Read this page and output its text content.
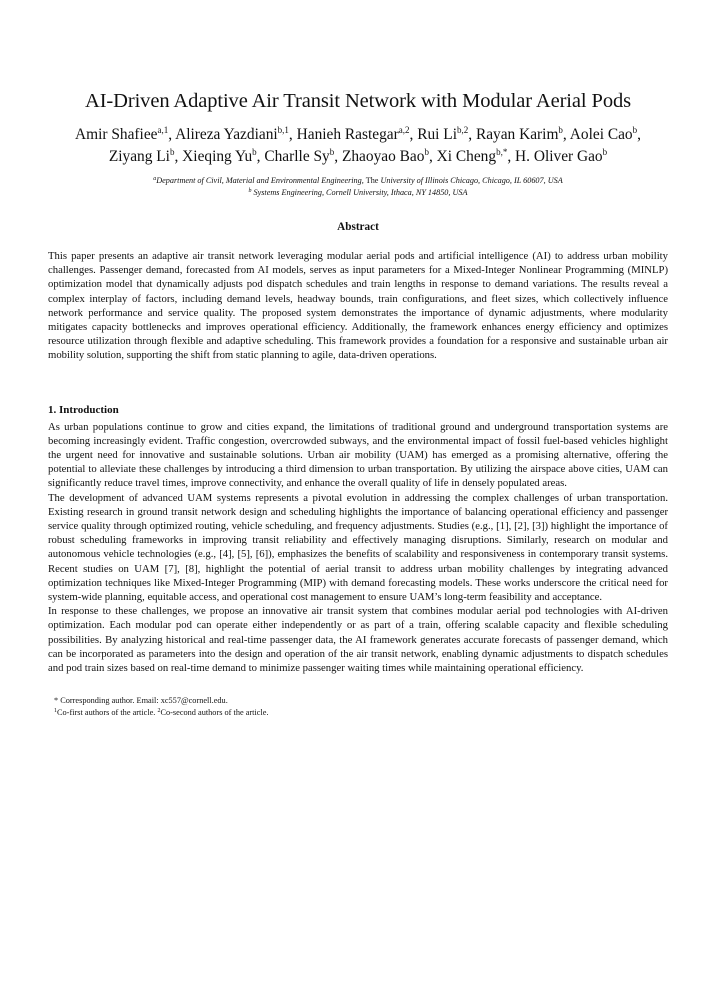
AI-Driven Adaptive Air Transit Network with Modular Aerial Pods
Amir Shafiee$^{a,1}$, Alireza Yazdiani$^{b,1}$, Hanieh Rastegar$^{a,2}$, Rui Li$^{b,2}$, Rayan Karim$^b$, Aolei Cao$^b$, Ziyang Li$^b$, Xieqing Yu$^b$, Charlle Sy$^b$, Zhaoyao Bao$^b$, Xi Cheng$^{b,*}$, H. Oliver Gao$^b$
$^a$Department of Civil, Material and Environmental Engineering, The University of Illinois Chicago, Chicago, IL 60607, USA
$^b$ Systems Engineering, Cornell University, Ithaca, NY 14850, USA
Abstract

This paper presents an adaptive air transit network leveraging modular aerial pods and artificial intelligence (AI) to address urban mobility challenges. Passenger demand, forecasted from AI models, serves as input parameters for a Mixed-Integer Nonlinear Programming (MINLP) optimization model that dynamically adjusts pod dispatch schedules and train lengths in response to demand variations. The results reveal a complex interplay of factors, including demand levels, headway bounds, train configurations, and fleet sizes, which collectively influence network performance and service quality. The proposed system demonstrates the importance of dynamic adjustments, where modularity mitigates capacity bottlenecks and improves operational efficiency. Additionally, the framework enhances energy efficiency and optimizes resource utilization through flexible and adaptive scheduling. This framework provides a foundation for a responsive and sustainable urban air mobility solution, supporting the shift from static planning to agile, data-driven operations.

1. Introduction

As urban populations continue to grow and cities expand, the limitations of traditional ground and underground transportation systems are becoming increasingly evident. Traffic congestion, overcrowded subways, and the environmental impact of fossil fuel-based vehicles highlight the urgent need for innovative and sustainable solutions. Urban air mobility (UAM) has emerged as a promising alternative, offering the potential to alleviate these challenges by introducing a third dimension to urban transportation. By utilizing the airspace above cities, UAM can significantly reduce travel times, improve connectivity, and enhance the overall quality of life in densely populated areas.

The development of advanced UAM systems represents a pivotal evolution in addressing the complex challenges of urban transportation. Existing research in ground transit network design and scheduling highlights the importance of balancing operational efficiency and passenger service quality through optimized routing, vehicle scheduling, and frequency adjustments. Studies (e.g., [1], [2], [3]) highlight the importance of robust scheduling frameworks in improving transit reliability and effectively managing disruptions. Similarly, research on modular and autonomous vehicle technologies (e.g., [4], [5], [6]), emphasizes the benefits of scalability and responsiveness in contemporary transit systems. Recent studies on UAM [7], [8], highlight the potential of aerial transit to address urban mobility challenges by integrating advanced optimization techniques like Mixed-Integer Programming (MIP) with demand forecasting models. These works underscore the critical need for system-wide planning, equitable access, and operational cost management to ensure UAM’s long-term feasibility and acceptance.

In response to these challenges, we propose an innovative air transit system that combines modular aerial pod technologies with AI-driven optimization. Each modular pod can operate either independently or as part of a train, offering scalable capacity and flexible scheduling possibilities. By analyzing historical and real-time passenger data, the AI framework generates accurate forecasts of passenger demand, which can be incorporated as parameters into the design and operation of the air transit network, enabling dynamic adjustments to dispatch schedules and pod train sizes based on real-time demand to minimize passenger waiting times while maintaining operational efficiency.

* Corresponding author. Email: xc557@cornell.edu.
$^1$Co-first authors of the article. $^2$Co-second authors of the article.
